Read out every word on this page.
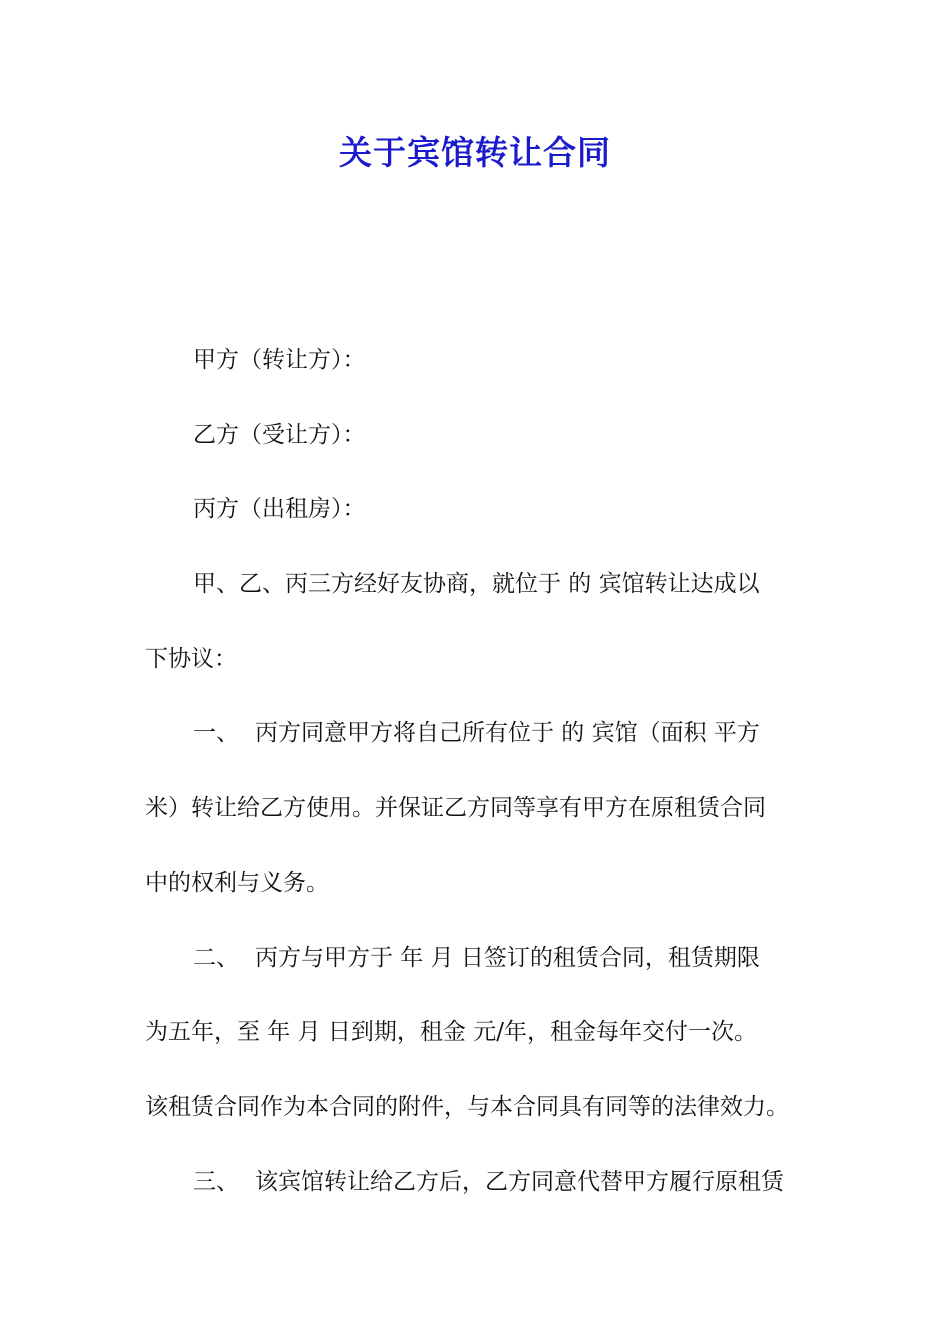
关于宾馆转让合同
甲方（转让方）：
乙方（受让方）：
丙方（出租房）：
甲、乙、丙三方经好友协商，就位于 的 宾馆转让达成以
下协议：
一、 丙方同意甲方将自己所有位于 的 宾馆（面积 平方
米）转让给乙方使用。并保证乙方同等享有甲方在原租赁合同
中的权利与义务。
二、 丙方与甲方于 年 月 日签订的租赁合同，租赁期限
为五年，至 年 月 日到期，租金 元/年，租金每年交付一次。
该租赁合同作为本合同的附件，与本合同具有同等的法律效力。
三、 该宾馆转让给乙方后，乙方同意代替甲方履行原租赁
